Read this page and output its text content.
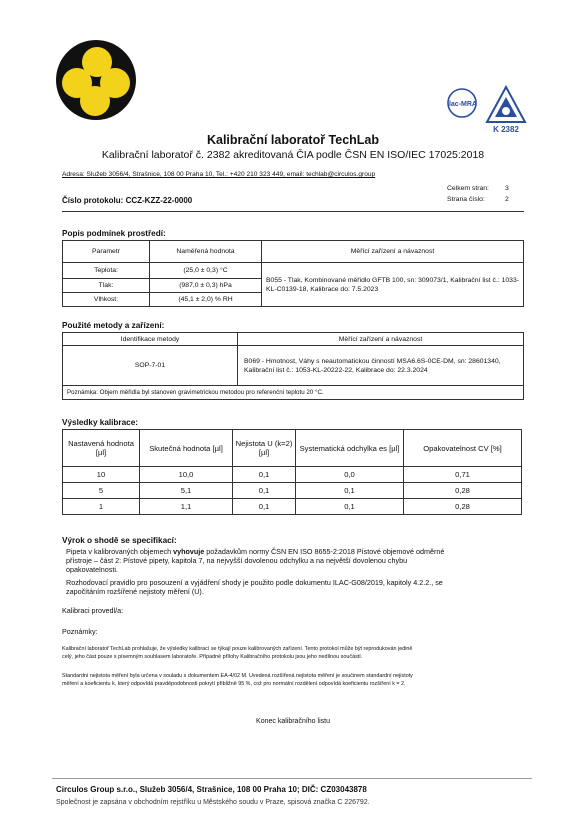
ilac-MRA
K 2382
Kalibrační laboratoř TechLab
Kalibrační laboratoř č. 2382 akreditovaná ČIA podle ČSN EN ISO/IEC 17025:2018
Adresa: Služeb 3056/4, Strašnice, 108 00 Praha 10, Tel.: +420 210 323 449, email: techlab@circulos.group
Celkem stran: 3
Strana číslo:	2
Číslo protokolu: CCZ-KZZ-22-0000
Popis podmínek prostředí:
Parametr	Naměřená hodnota	Měřící zařízení a návaznost
Teplota:	(25,0 ± 0,3) °C	B055 - Tlak, Kombinované měřidlo GFTB 100, sn: 309073/1, Kalibrační list č.: 1033-KL-C0139-18, Kalibrace do: 7.5.2023
Tlak:	(987,0 ± 0,3) hPa	
Vlhkost:	(45,1 ± 2,0) % RH	
Použité metody a zařízení:
Identifikace metody	Měřící zařízení a návaznost
SOP-7-01	B069 - Hmotnost, Váhy s neautomatickou činností MSA6.6S-0CE-DM, sn: 28601340, Kalibrační list č.: 1053-KL-20222-22, Kalibrace do: 22.3.2024
Poznámka: Objem měřidla byl stanoven gravimetrickou metodou pro referenční teplotu 20 °C.	
Výsledky kalibrace:
Nastavená hodnota [µl]	Skutečná hodnota [µl]	Nejistota U (k=2) [µl]	Systematická odchylka es [µl]	Opakovatelnost CV [%]
10	10,0	0,1	0,0	0,71
5	5,1	0,1	0,1	0,28
1	1,1	0,1	0,1	0,28
Výrok o shodě se specifikací:
Pipeta v kalibrovaných objemech vyhovuje požadavkům normy ČSN EN ISO 8655-2:2018 Pístové objemové odměrné
přístroje – část 2: Pístové pipety, kapitola 7, na nejvyšší dovolenou odchylku a na největší dovolenou chybu
opakovatelnosti.
Rozhodovací pravidlo pro posouzení a vyjádření shody je použito podle dokumentu ILAC-G08/2019, kapitoly 4.2.2., se
započítáním rozšířené nejistoty měření (U).
Kalibraci provedl/a:
Poznámky:
Kalibrační laboratoř TechLab prohlašuje, že výsledky kalibrací se týkají pouze kalibrovaných zařízení. Tento protokol může být reprodukován jedině
celý, jeho část pouze s písemným souhlasem laboratoře. Případné přílohy Kalibračního protokolu jsou jeho nedílnou součástí.
Standardní nejistota měření byla určena v souladu s dokumentem EA-4/02 M. Uvedená rozšířená nejistota měření je součinem standardní nejistoty
měření a koeficientu k, který odpovídá pravděpodobnosti pokrytí přibližně 95 %, což pro normální rozdělení odpovídá koeficientu rozšíření k = 2.
Konec kalibračního listu
Circulos Group s.r.o., Služeb 3056/4, Strašnice, 108 00 Praha 10; DIČ: CZ03043878
Společnost je zapsána v obchodním rejstříku u Městského soudu v Praze, spisová značka C 226792.
